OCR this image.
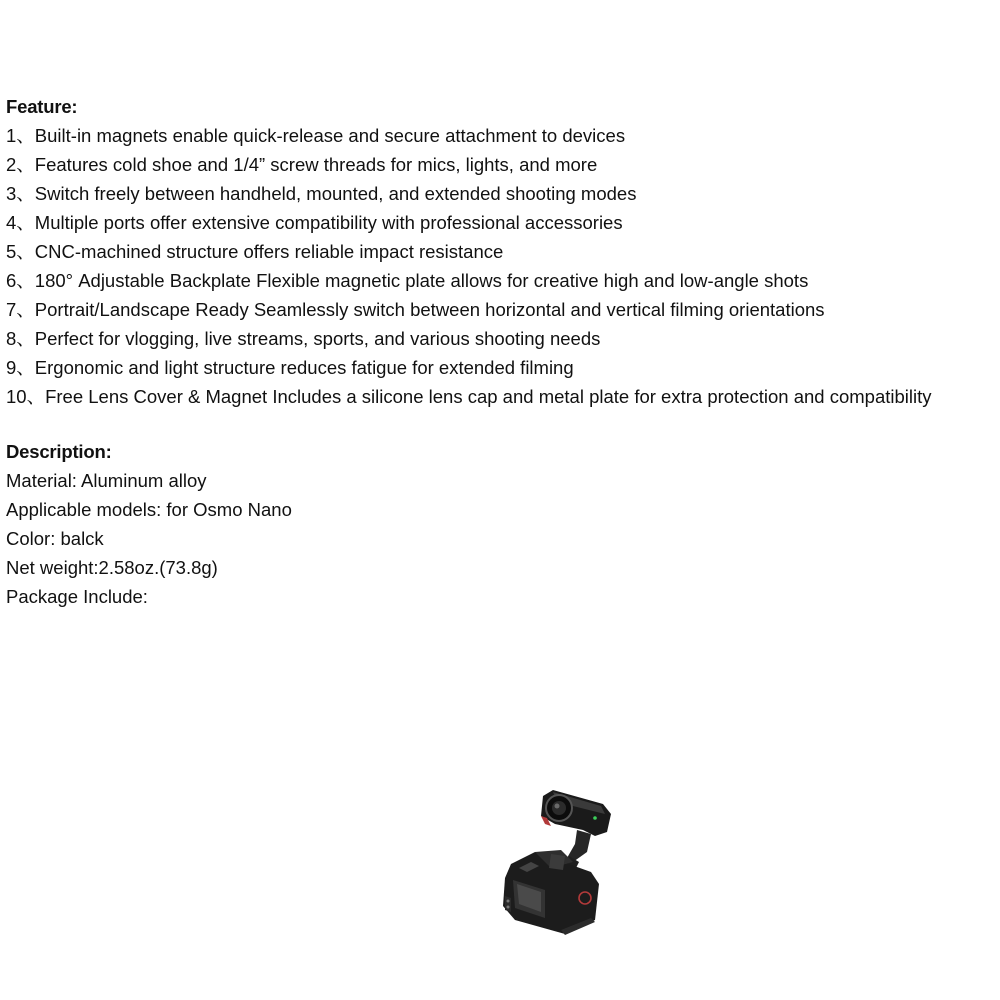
Feature:
1、Built-in magnets enable quick-release and secure attachment to devices
2、Features cold shoe and 1/4” screw threads for mics, lights, and more
3、Switch freely between handheld, mounted, and extended shooting modes
4、Multiple ports offer extensive compatibility with professional accessories
5、CNC-machined structure offers reliable impact resistance
6、180° Adjustable Backplate Flexible magnetic plate allows for creative high and low-angle shots
7、Portrait/Landscape Ready Seamlessly switch between horizontal and vertical filming orientations
8、Perfect for vlogging, live streams, sports, and various shooting needs
9、Ergonomic and light structure reduces fatigue for extended filming
10、Free Lens Cover & Magnet Includes a silicone lens cap and metal plate for extra protection and compatibility
Description:
Material: Aluminum alloy
Applicable models: for Osmo Nano
Color: balck
Net weight:2.58oz.(73.8g)
Package Include:
